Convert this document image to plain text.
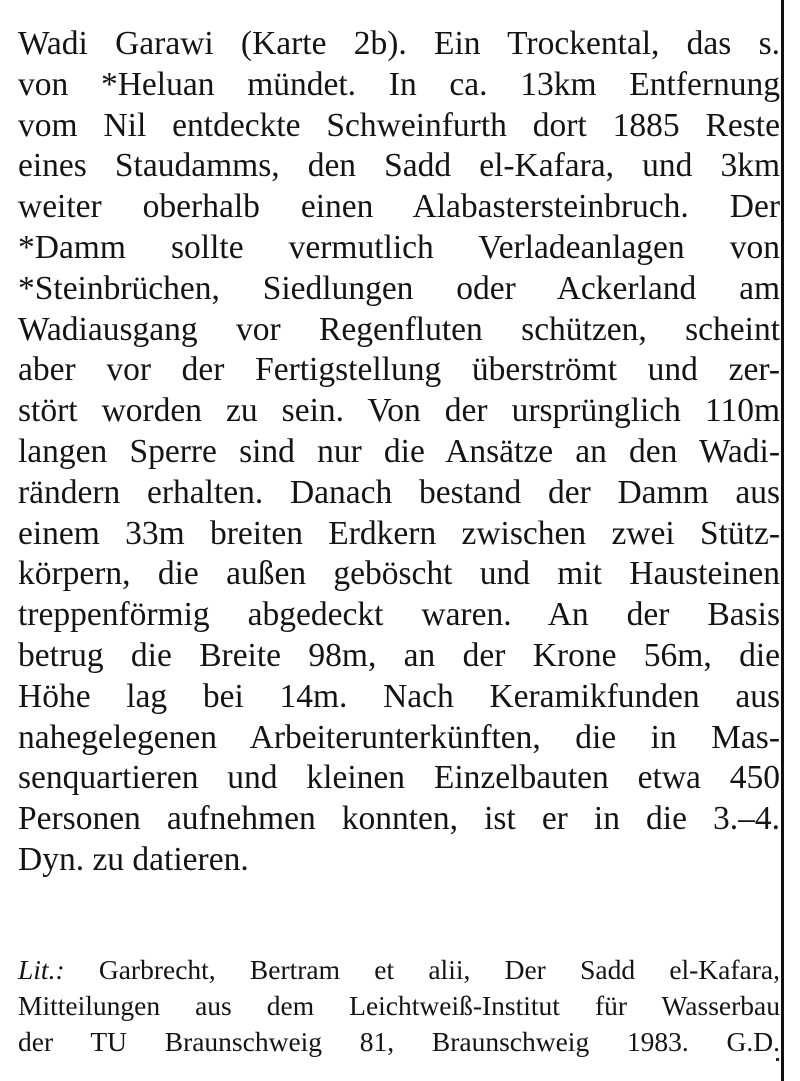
Wadi Garawi (Karte 2b). Ein Trockental, das s.
von *Heluan mündet. In ca. 13km Entfernung
vom Nil entdeckte Schweinfurth dort 1885 Reste
eines Staudamms, den Sadd el-Kafara, und 3km
weiter oberhalb einen Alabastersteinbruch. Der
*Damm sollte vermutlich Verladeanlagen von
*Steinbrüchen, Siedlungen oder Ackerland am
Wadiausgang vor Regenfluten schützen, scheint
aber vor der Fertigstellung überströmt und zer-
stört worden zu sein. Von der ursprünglich 110m
langen Sperre sind nur die Ansätze an den Wadi-
rändern erhalten. Danach bestand der Damm aus
einem 33m breiten Erdkern zwischen zwei Stütz-
körpern, die außen geböscht und mit Hausteinen
treppenförmig abgedeckt waren. An der Basis
betrug die Breite 98m, an der Krone 56m, die
Höhe lag bei 14m. Nach Keramikfunden aus
nahegelegenen Arbeiterunterkünften, die in Mas-
senquartieren und kleinen Einzelbauten etwa 450
Personen aufnehmen konnten, ist er in die 3.–4.
Dyn. zu datieren.
Lit.: Garbrecht, Bertram et alii, Der Sadd el-Kafara,
Mitteilungen aus dem Leichtweiß-Institut für Wasserbau
der TU Braunschweig 81, Braunschweig 1983. G.D.
